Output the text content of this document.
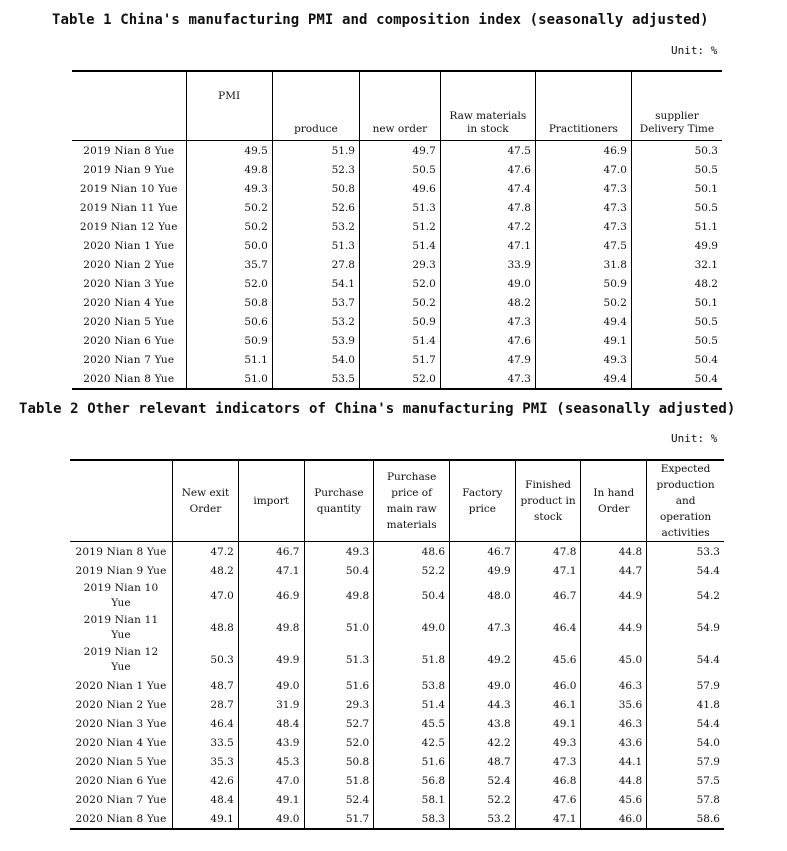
Table 1 China's manufacturing PMI and composition index (seasonally adjusted)
Unit: %
	PMI	produce	new order	Raw materials in stock	Practitioners	supplier Delivery Time
2019 Nian 8 Yue	49.5	51.9	49.7	47.5	46.9	50.3
2019 Nian 9 Yue	49.8	52.3	50.5	47.6	47.0	50.5
2019 Nian 10 Yue	49.3	50.8	49.6	47.4	47.3	50.1
2019 Nian 11 Yue	50.2	52.6	51.3	47.8	47.3	50.5
2019 Nian 12 Yue	50.2	53.2	51.2	47.2	47.3	51.1
2020 Nian 1 Yue	50.0	51.3	51.4	47.1	47.5	49.9
2020 Nian 2 Yue	35.7	27.8	29.3	33.9	31.8	32.1
2020 Nian 3 Yue	52.0	54.1	52.0	49.0	50.9	48.2
2020 Nian 4 Yue	50.8	53.7	50.2	48.2	50.2	50.1
2020 Nian 5 Yue	50.6	53.2	50.9	47.3	49.4	50.5
2020 Nian 6 Yue	50.9	53.9	51.4	47.6	49.1	50.5
2020 Nian 7 Yue	51.1	54.0	51.7	47.9	49.3	50.4
2020 Nian 8 Yue	51.0	53.5	52.0	47.3	49.4	50.4
Table 2 Other relevant indicators of China's manufacturing PMI (seasonally adjusted)
Unit: %
	New exit Order	import	Purchase quantity	Purchase price of main raw materials	Factory price	Finished product in stock	In hand Order	Expected production and operation activities
2019 Nian 8 Yue	47.2	46.7	49.3	48.6	46.7	47.8	44.8	53.3
2019 Nian 9 Yue	48.2	47.1	50.4	52.2	49.9	47.1	44.7	54.4
2019 Nian 10 Yue	47.0	46.9	49.8	50.4	48.0	46.7	44.9	54.2
2019 Nian 11 Yue	48.8	49.8	51.0	49.0	47.3	46.4	44.9	54.9
2019 Nian 12 Yue	50.3	49.9	51.3	51.8	49.2	45.6	45.0	54.4
2020 Nian 1 Yue	48.7	49.0	51.6	53.8	49.0	46.0	46.3	57.9
2020 Nian 2 Yue	28.7	31.9	29.3	51.4	44.3	46.1	35.6	41.8
2020 Nian 3 Yue	46.4	48.4	52.7	45.5	43.8	49.1	46.3	54.4
2020 Nian 4 Yue	33.5	43.9	52.0	42.5	42.2	49.3	43.6	54.0
2020 Nian 5 Yue	35.3	45.3	50.8	51.6	48.7	47.3	44.1	57.9
2020 Nian 6 Yue	42.6	47.0	51.8	56.8	52.4	46.8	44.8	57.5
2020 Nian 7 Yue	48.4	49.1	52.4	58.1	52.2	47.6	45.6	57.8
2020 Nian 8 Yue	49.1	49.0	51.7	58.3	53.2	47.1	46.0	58.6
